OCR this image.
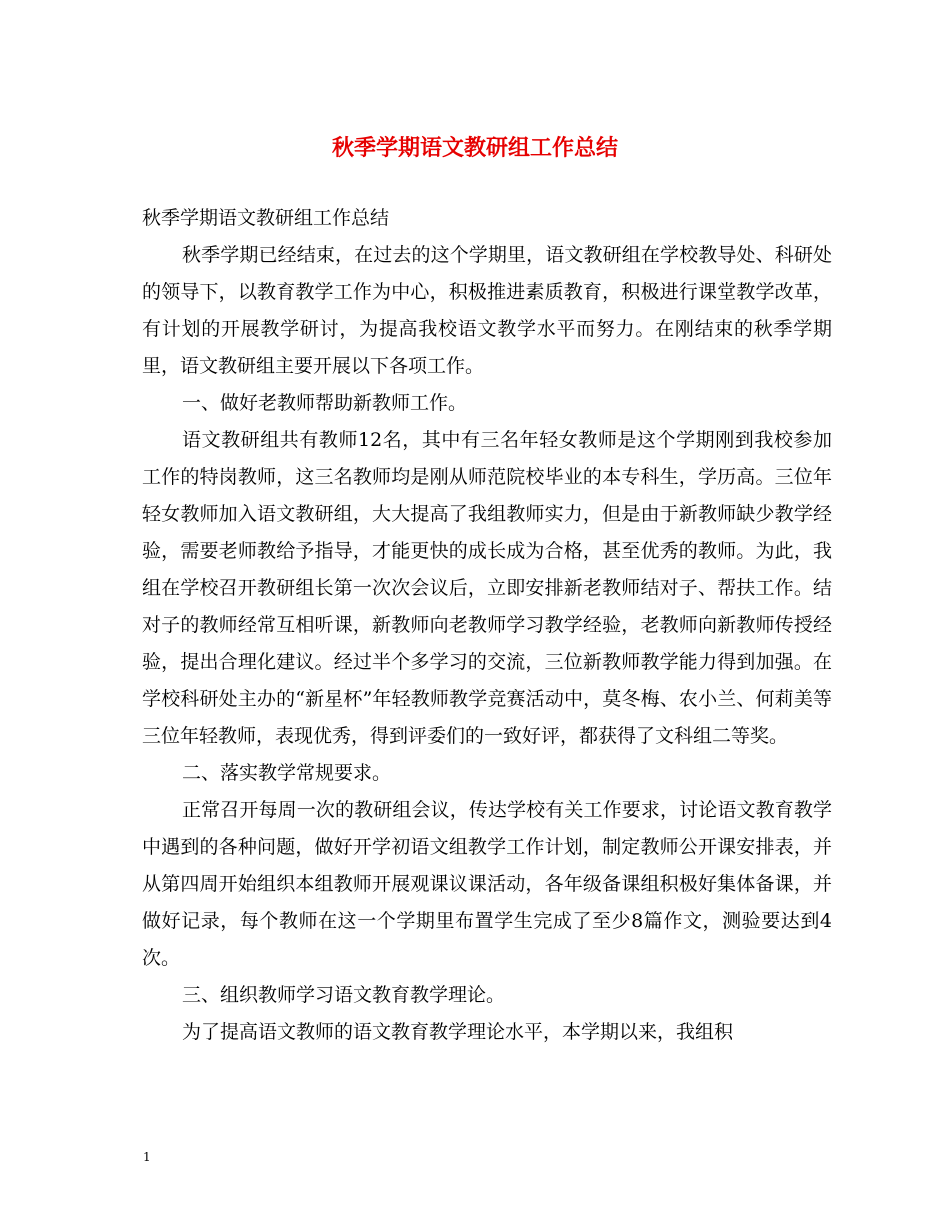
秋季学期语文教研组工作总结

秋季学期语文教研组工作总结

秋季学期已经结束，在过去的这个学期里，语文教研组在学校教导处、科研处的领导下，以教育教学工作为中心，积极推进素质教育，积极进行课堂教学改革，有计划的开展教学研讨，为提高我校语文教学水平而努力。在刚结束的秋季学期里，语文教研组主要开展以下各项工作。

一、做好老教师帮助新教师工作。

语文教研组共有教师12名，其中有三名年轻女教师是这个学期刚到我校参加工作的特岗教师，这三名教师均是刚从师范院校毕业的本专科生，学历高。三位年轻女教师加入语文教研组，大大提高了我组教师实力，但是由于新教师缺少教学经验，需要老师教给予指导，才能更快的成长成为合格，甚至优秀的教师。为此，我组在学校召开教研组长第一次次会议后，立即安排新老教师结对子、帮扶工作。结对子的教师经常互相听课，新教师向老教师学习教学经验，老教师向新教师传授经验，提出合理化建议。经过半个多学习的交流，三位新教师教学能力得到加强。在学校科研处主办的“新星杯”年轻教师教学竞赛活动中，莫冬梅、农小兰、何莉美等三位年轻教师，表现优秀，得到评委们的一致好评，都获得了文科组二等奖。

二、落实教学常规要求。

正常召开每周一次的教研组会议，传达学校有关工作要求，讨论语文教育教学中遇到的各种问题，做好开学初语文组教学工作计划，制定教师公开课安排表，并从第四周开始组织本组教师开展观课议课活动，各年级备课组积极好集体备课，并做好记录，每个教师在这一个学期里布置学生完成了至少8篇作文，测验要达到4次。

三、组织教师学习语文教育教学理论。

为了提高语文教师的语文教育教学理论水平，本学期以来，我组积

1
